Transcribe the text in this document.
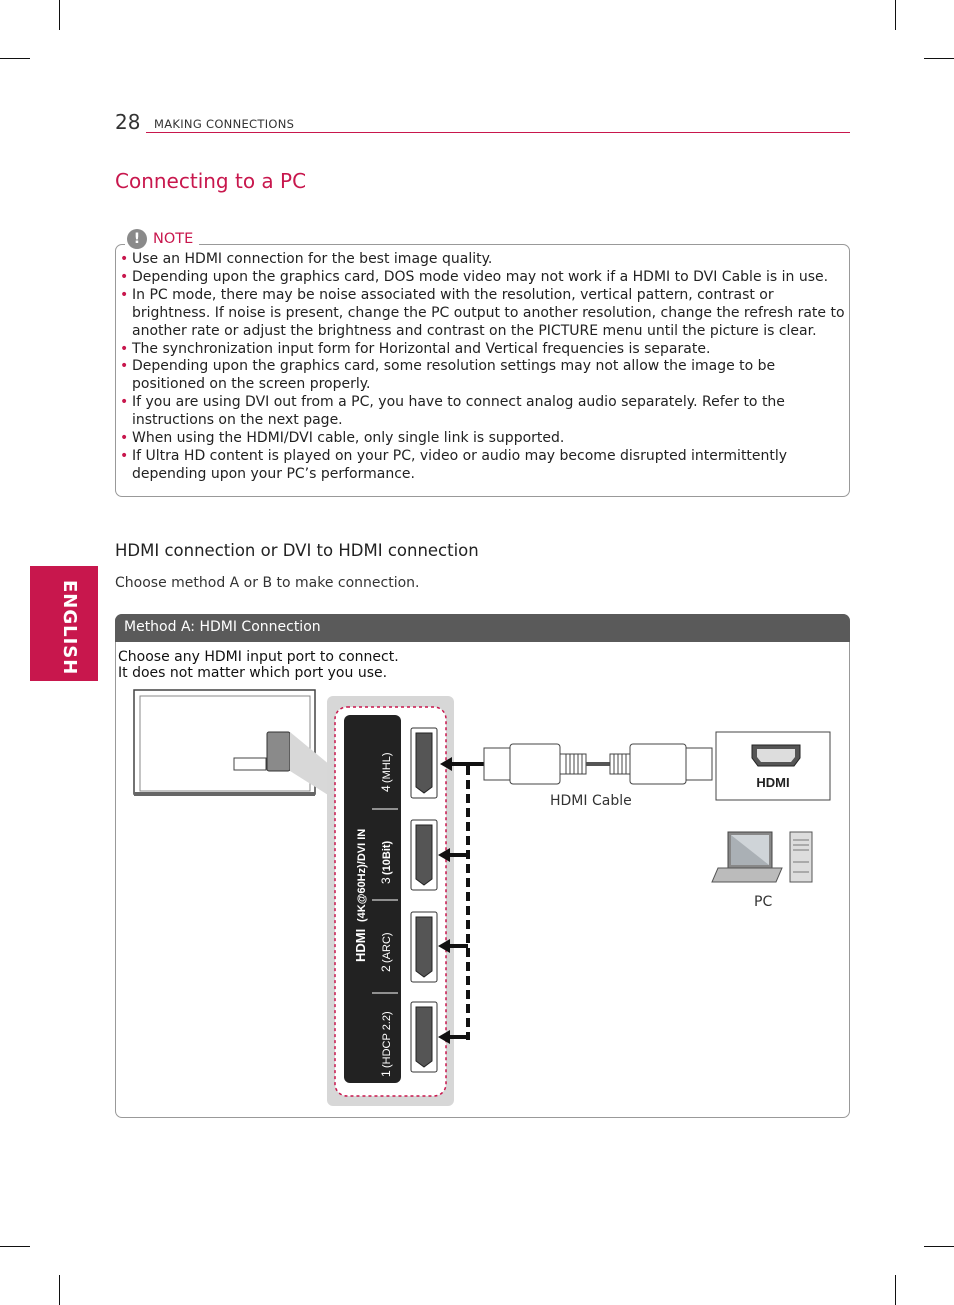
28 MAKING CONNECTIONS
Connecting to a PC
! NOTE
• Use an HDMI connection for the best image quality.
• Depending upon the graphics card, DOS mode video may not work if a HDMI to DVI Cable is in use.
• In PC mode, there may be noise associated with the resolution, vertical pattern, contrast or brightness. If noise is present, change the PC output to another resolution, change the refresh rate to another rate or adjust the brightness and contrast on the PICTURE menu until the picture is clear.
• The synchronization input form for Horizontal and Vertical frequencies is separate.
• Depending upon the graphics card, some resolution settings may not allow the image to be positioned on the screen properly.
• If you are using DVI out from a PC, you have to connect analog audio separately. Refer to the instructions on the next page.
• When using the HDMI/DVI cable, only single link is supported.
• If Ultra HD content is played on your PC, video or audio may become disrupted intermittently depending upon your PC’s performance.
HDMI connection or DVI to HDMI connection
Choose method A or B to make connection.
ENGLISH	Method A: HDMI Connection
Choose any HDMI input port to connect.
It does not matter which port you use.
HDMI
(4K@60Hz)/DVI IN
1
(HDCP 2.2)
2
(ARC)
3
(10Bit)
4
(MHL)	HDMI
HDMI Cable
PC
